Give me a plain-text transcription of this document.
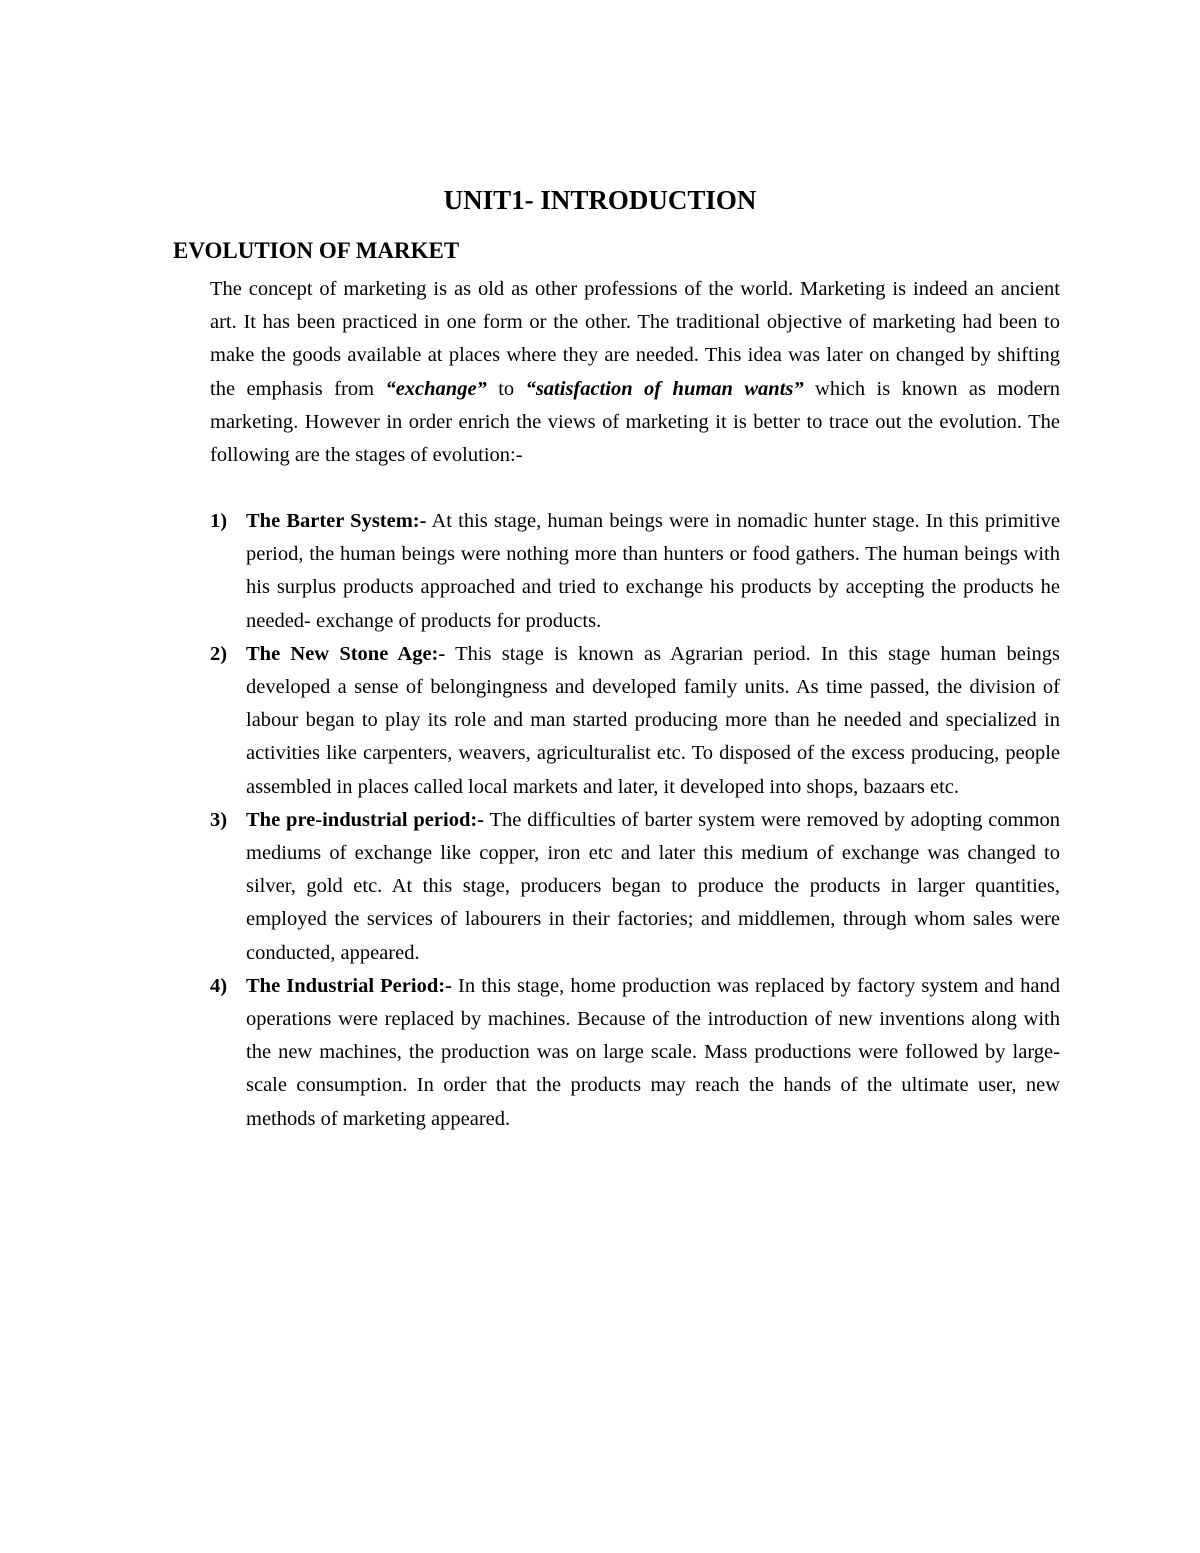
UNIT1- INTRODUCTION
EVOLUTION OF MARKET

The concept of marketing is as old as other professions of the world. Marketing is indeed an ancient art. It has been practiced in one form or the other. The traditional objective of marketing had been to make the goods available at places where they are needed. This idea was later on changed by shifting the emphasis from “exchange” to “satisfaction of human wants” which is known as modern marketing. However in order enrich the views of marketing it is better to trace out the evolution. The following are the stages of evolution:-

1) The Barter System:- At this stage, human beings were in nomadic hunter stage. In this primitive period, the human beings were nothing more than hunters or food gathers. The human beings with his surplus products approached and tried to exchange his products by accepting the products he needed- exchange of products for products.
2) The New Stone Age:- This stage is known as Agrarian period. In this stage human beings developed a sense of belongingness and developed family units. As time passed, the division of labour began to play its role and man started producing more than he needed and specialized in activities like carpenters, weavers, agriculturalist etc. To disposed of the excess producing, people assembled in places called local markets and later, it developed into shops, bazaars etc.
3) The pre-industrial period:- The difficulties of barter system were removed by adopting common mediums of exchange like copper, iron etc and later this medium of exchange was changed to silver, gold etc. At this stage, producers began to produce the products in larger quantities, employed the services of labourers in their factories; and middlemen, through whom sales were conducted, appeared.
4) The Industrial Period:- In this stage, home production was replaced by factory system and hand operations were replaced by machines. Because of the introduction of new inventions along with the new machines, the production was on large scale. Mass productions were followed by large-scale consumption. In order that the products may reach the hands of the ultimate user, new methods of marketing appeared.
